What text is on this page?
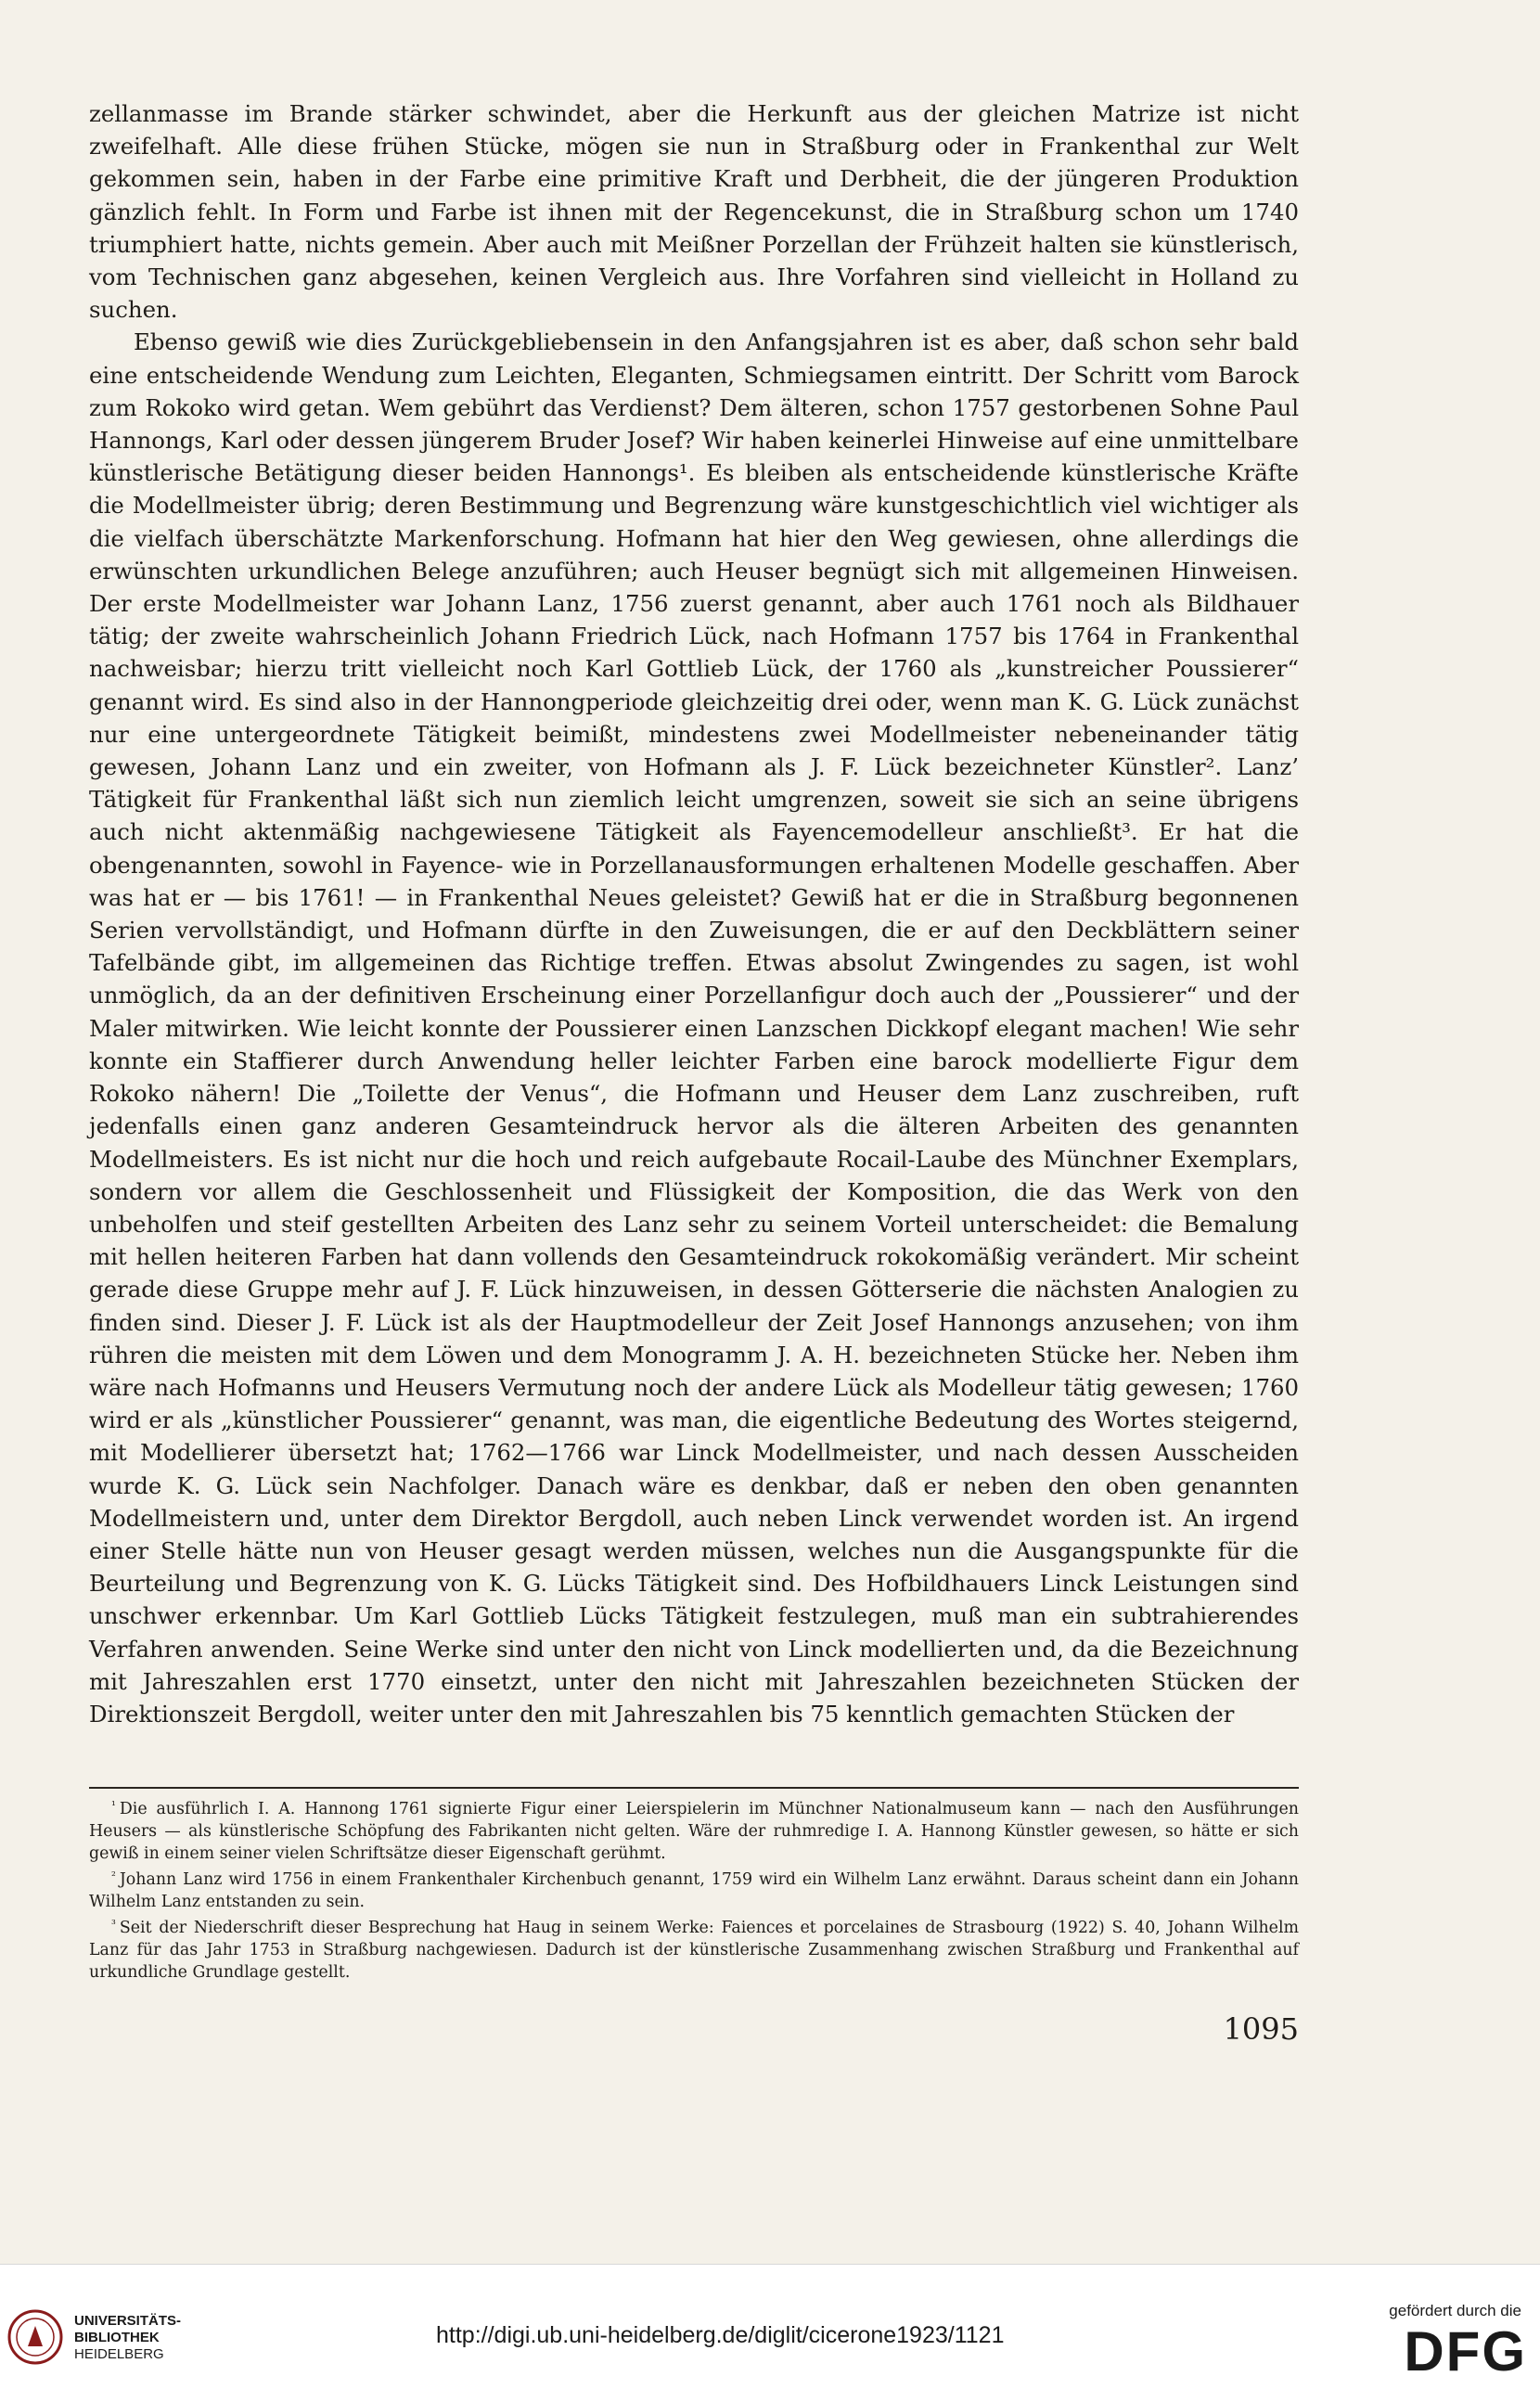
zellanmasse im Brande stärker schwindet, aber die Herkunft aus der gleichen Matrize ist nicht zweifelhaft. Alle diese frühen Stücke, mögen sie nun in Straßburg oder in Frankenthal zur Welt gekommen sein, haben in der Farbe eine primitive Kraft und Derbheit, die der jüngeren Produktion gänzlich fehlt. In Form und Farbe ist ihnen mit der Regencekunst, die in Straßburg schon um 1740 triumphiert hatte, nichts gemein. Aber auch mit Meißner Porzellan der Frühzeit halten sie künstlerisch, vom Technischen ganz abgesehen, keinen Vergleich aus. Ihre Vorfahren sind vielleicht in Holland zu suchen.

Ebenso gewiß wie dies Zurückgebliebensein in den Anfangsjahren ist es aber, daß schon sehr bald eine entscheidende Wendung zum Leichten, Eleganten, Schmiegsamen eintritt. Der Schritt vom Barock zum Rokoko wird getan. Wem gebührt das Verdienst? Dem älteren, schon 1757 gestorbenen Sohne Paul Hannongs, Karl oder dessen jüngerem Bruder Josef? Wir haben keinerlei Hinweise auf eine unmittelbare künstlerische Betätigung dieser beiden Hannongs¹. Es bleiben als entscheidende künstlerische Kräfte die Modellmeister übrig; deren Bestimmung und Begrenzung wäre kunstgeschichtlich viel wichtiger als die vielfach überschätzte Markenforschung. Hofmann hat hier den Weg gewiesen, ohne allerdings die erwünschten urkundlichen Belege anzuführen; auch Heuser begnügt sich mit allgemeinen Hinweisen. Der erste Modellmeister war Johann Lanz, 1756 zuerst genannt, aber auch 1761 noch als Bildhauer tätig; der zweite wahrscheinlich Johann Friedrich Lück, nach Hofmann 1757 bis 1764 in Frankenthal nachweisbar; hierzu tritt vielleicht noch Karl Gottlieb Lück, der 1760 als „kunstreicher Poussierer“ genannt wird. Es sind also in der Hannongperiode gleichzeitig drei oder, wenn man K. G. Lück zunächst nur eine untergeordnete Tätigkeit beimißt, mindestens zwei Modellmeister nebeneinander tätig gewesen, Johann Lanz und ein zweiter, von Hofmann als J. F. Lück bezeichneter Künstler². Lanz’ Tätigkeit für Frankenthal läßt sich nun ziemlich leicht umgrenzen, soweit sie sich an seine übrigens auch nicht aktenmäßig nachgewiesene Tätigkeit als Fayencemodelleur anschließt³. Er hat die obengenannten, sowohl in Fayence- wie in Porzellanausformungen erhaltenen Modelle geschaffen. Aber was hat er — bis 1761! — in Frankenthal Neues geleistet? Gewiß hat er die in Straßburg begonnenen Serien vervollständigt, und Hofmann dürfte in den Zuweisungen, die er auf den Deckblättern seiner Tafelbände gibt, im allgemeinen das Richtige treffen. Etwas absolut Zwingendes zu sagen, ist wohl unmöglich, da an der definitiven Erscheinung einer Porzellanfigur doch auch der „Poussierer“ und der Maler mitwirken. Wie leicht konnte der Poussierer einen Lanzschen Dickkopf elegant machen! Wie sehr konnte ein Staffierer durch Anwendung heller leichter Farben eine barock modellierte Figur dem Rokoko nähern! Die „Toilette der Venus“, die Hofmann und Heuser dem Lanz zuschreiben, ruft jedenfalls einen ganz anderen Gesamteindruck hervor als die älteren Arbeiten des genannten Modellmeisters. Es ist nicht nur die hoch und reich aufgebaute Rocail-Laube des Münchner Exemplars, sondern vor allem die Geschlossenheit und Flüssigkeit der Komposition, die das Werk von den unbeholfen und steif gestellten Arbeiten des Lanz sehr zu seinem Vorteil unterscheidet: die Bemalung mit hellen heiteren Farben hat dann vollends den Gesamteindruck rokokomäßig verändert. Mir scheint gerade diese Gruppe mehr auf J. F. Lück hinzuweisen, in dessen Götterserie die nächsten Analogien zu finden sind. Dieser J. F. Lück ist als der Hauptmodelleur der Zeit Josef Hannongs anzusehen; von ihm rühren die meisten mit dem Löwen und dem Monogramm J. A. H. bezeichneten Stücke her. Neben ihm wäre nach Hofmanns und Heusers Vermutung noch der andere Lück als Modelleur tätig gewesen; 1760 wird er als „künstlicher Poussierer“ genannt, was man, die eigentliche Bedeutung des Wortes steigernd, mit Modellierer übersetzt hat; 1762—1766 war Linck Modellmeister, und nach dessen Ausscheiden wurde K. G. Lück sein Nachfolger. Danach wäre es denkbar, daß er neben den oben genannten Modellmeistern und, unter dem Direktor Bergdoll, auch neben Linck verwendet worden ist. An irgend einer Stelle hätte nun von Heuser gesagt werden müssen, welches nun die Ausgangspunkte für die Beurteilung und Begrenzung von K. G. Lücks Tätigkeit sind. Des Hofbildhauers Linck Leistungen sind unschwer erkennbar. Um Karl Gottlieb Lücks Tätigkeit festzulegen, muß man ein subtrahierendes Verfahren anwenden. Seine Werke sind unter den nicht von Linck modellierten und, da die Bezeichnung mit Jahreszahlen erst 1770 einsetzt, unter den nicht mit Jahreszahlen bezeichneten Stücken der Direktionszeit Bergdoll, weiter unter den mit Jahreszahlen bis 75 kenntlich gemachten Stücken der

$^{^1}$ Die ausführlich I. A. Hannong 1761 signierte Figur einer Leierspielerin im Münchner Nationalmuseum kann — nach den Ausführungen Heusers — als künstlerische Schöpfung des Fabrikanten nicht gelten. Wäre der ruhmredige I. A. Hannong Künstler gewesen, so hätte er sich gewiß in einem seiner vielen Schriftsätze dieser Eigenschaft gerühmt.

$^{^2}$ Johann Lanz wird 1756 in einem Frankenthaler Kirchenbuch genannt, 1759 wird ein Wilhelm Lanz erwähnt. Daraus scheint dann ein Johann Wilhelm Lanz entstanden zu sein.

$^{^3}$ Seit der Niederschrift dieser Besprechung hat Haug in seinem Werke: Faiences et porcelaines de Strasbourg (1922) S. 40, Johann Wilhelm Lanz für das Jahr 1753 in Straßburg nachgewiesen. Dadurch ist der künstlerische Zusammenhang zwischen Straßburg und Frankenthal auf urkundliche Grundlage gestellt.

1095
UNIVERSITÄTS-
BIBLIOTHEK
HEIDELBERG
http://digi.ub.uni-heidelberg.de/diglit/cicerone1923/1121
gefördert durch die
DFG
